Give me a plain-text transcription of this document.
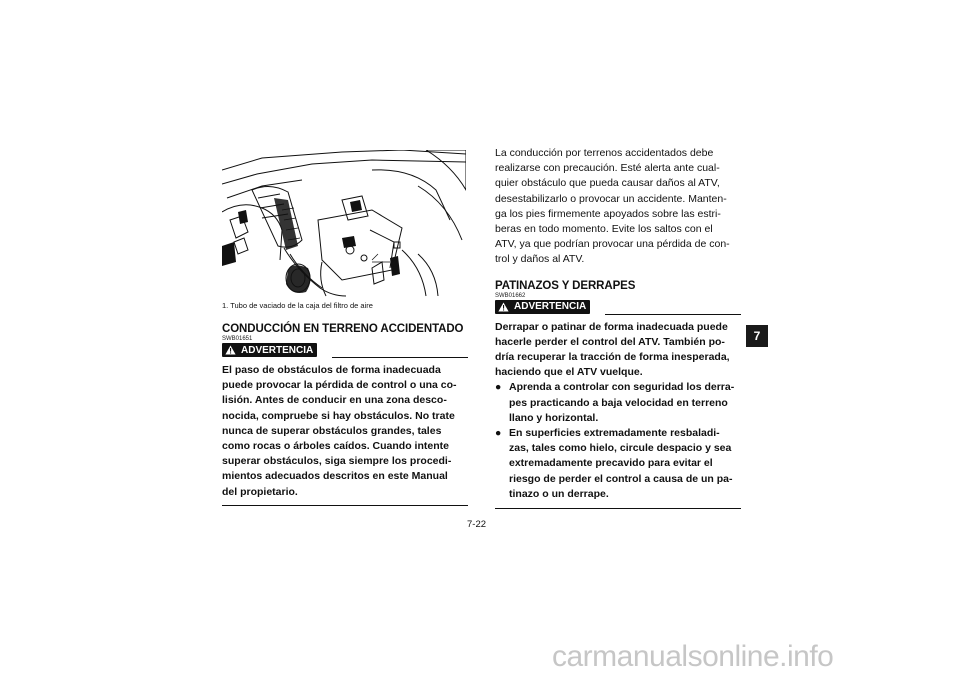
1
1. Tubo de vaciado de la caja del filtro de aire
CONDUCCIÓN EN TERRENO ACCIDENTADO
SWB01651
ADVERTENCIA
El paso de obstáculos de forma inadecuada
puede provocar la pérdida de control o una co-
lisión. Antes de conducir en una zona desco-
nocida, compruebe si hay obstáculos. No trate
nunca de superar obstáculos grandes, tales
como rocas o árboles caídos. Cuando intente
superar obstáculos, siga siempre los procedi-
mientos adecuados descritos en este Manual
del propietario.
La conducción por terrenos accidentados debe
realizarse con precaución. Esté alerta ante cual-
quier obstáculo que pueda causar daños al ATV,
desestabilizarlo o provocar un accidente. Manten-
ga los pies firmemente apoyados sobre las estri-
beras en todo momento. Evite los saltos con el
ATV, ya que podrían provocar una pérdida de con-
trol y daños al ATV.
PATINAZOS Y DERRAPES
SWB01662
ADVERTENCIA
Derrapar o patinar de forma inadecuada puede
hacerle perder el control del ATV. También po-
dría recuperar la tracción de forma inesperada,
haciendo que el ATV vuelque.
● Aprenda a controlar con seguridad los derra-
pes practicando a baja velocidad en terreno
llano y horizontal.
● En superficies extremadamente resbaladi-
zas, tales como hielo, circule despacio y sea
extremadamente precavido para evitar el
riesgo de perder el control a causa de un pa-
tinazo o un derrape.
7
7-22
carmanualsonline.info
